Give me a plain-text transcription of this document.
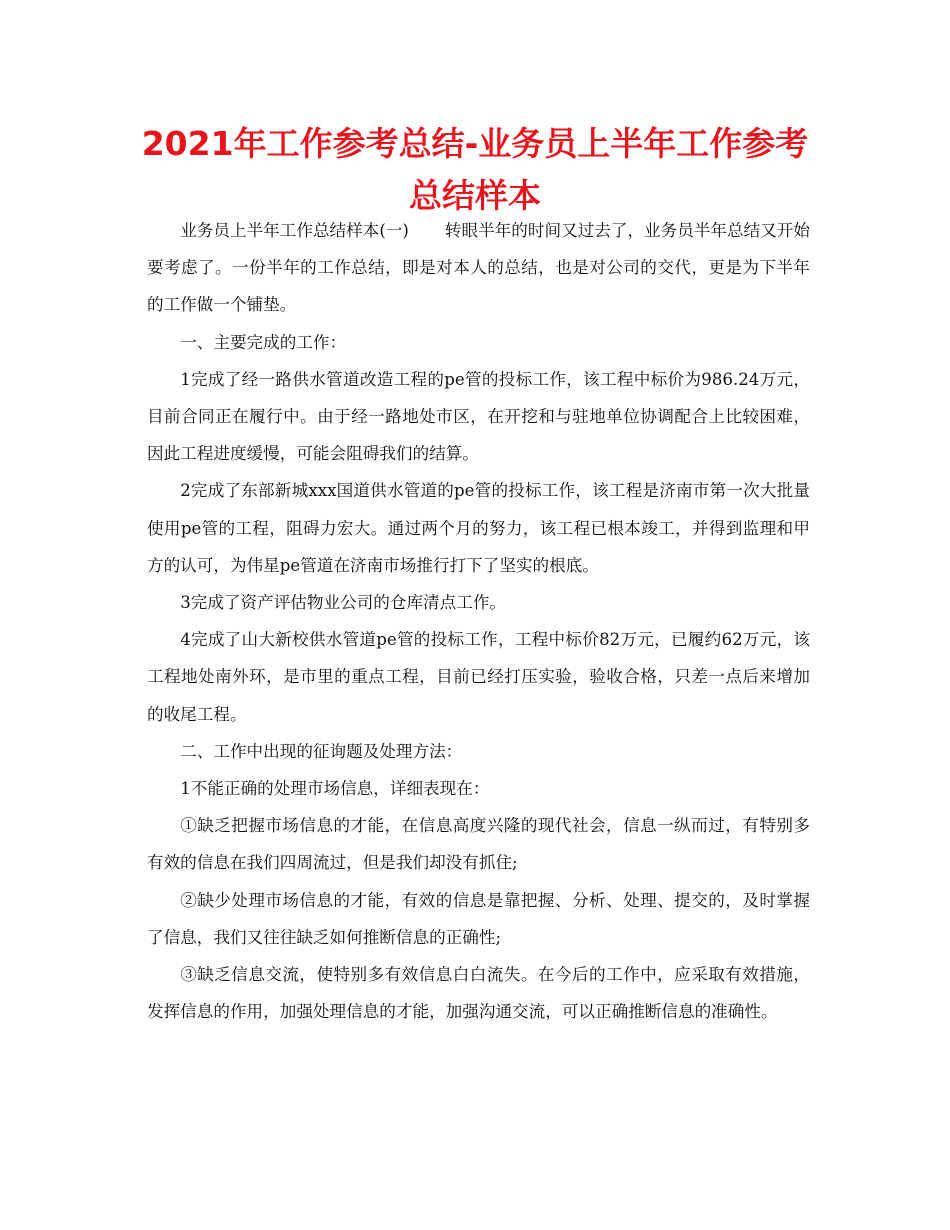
2021年工作参考总结-业务员上半年工作参考总结样本

业务员上半年工作总结样本(一) 转眼半年的时间又过去了，业务员半年总结又开始要考虑了。一份半年的工作总结，即是对本人的总结，也是对公司的交代，更是为下半年的工作做一个铺垫。

一、主要完成的工作：

1完成了经一路供水管道改造工程的pe管的投标工作，该工程中标价为986.24万元，目前合同正在履行中。由于经一路地处市区，在开挖和与驻地单位协调配合上比较困难，因此工程进度缓慢，可能会阻碍我们的结算。

2完成了东部新城xxx国道供水管道的pe管的投标工作，该工程是济南市第一次大批量使用pe管的工程，阻碍力宏大。通过两个月的努力，该工程已根本竣工，并得到监理和甲方的认可，为伟星pe管道在济南市场推行打下了坚实的根底。

3完成了资产评估物业公司的仓库清点工作。

4完成了山大新校供水管道pe管的投标工作，工程中标价82万元，已履约62万元，该工程地处南外环，是市里的重点工程，目前已经打压实验，验收合格，只差一点后来增加的收尾工程。

二、工作中出现的征询题及处理方法：

1不能正确的处理市场信息，详细表现在：

①缺乏把握市场信息的才能，在信息高度兴隆的现代社会，信息一纵而过，有特别多有效的信息在我们四周流过，但是我们却没有抓住;

②缺少处理市场信息的才能，有效的信息是靠把握、分析、处理、提交的，及时掌握了信息，我们又往往缺乏如何推断信息的正确性;

③缺乏信息交流，使特别多有效信息白白流失。在今后的工作中，应采取有效措施，发挥信息的作用，加强处理信息的才能，加强沟通交流，可以正确推断信息的准确性。
